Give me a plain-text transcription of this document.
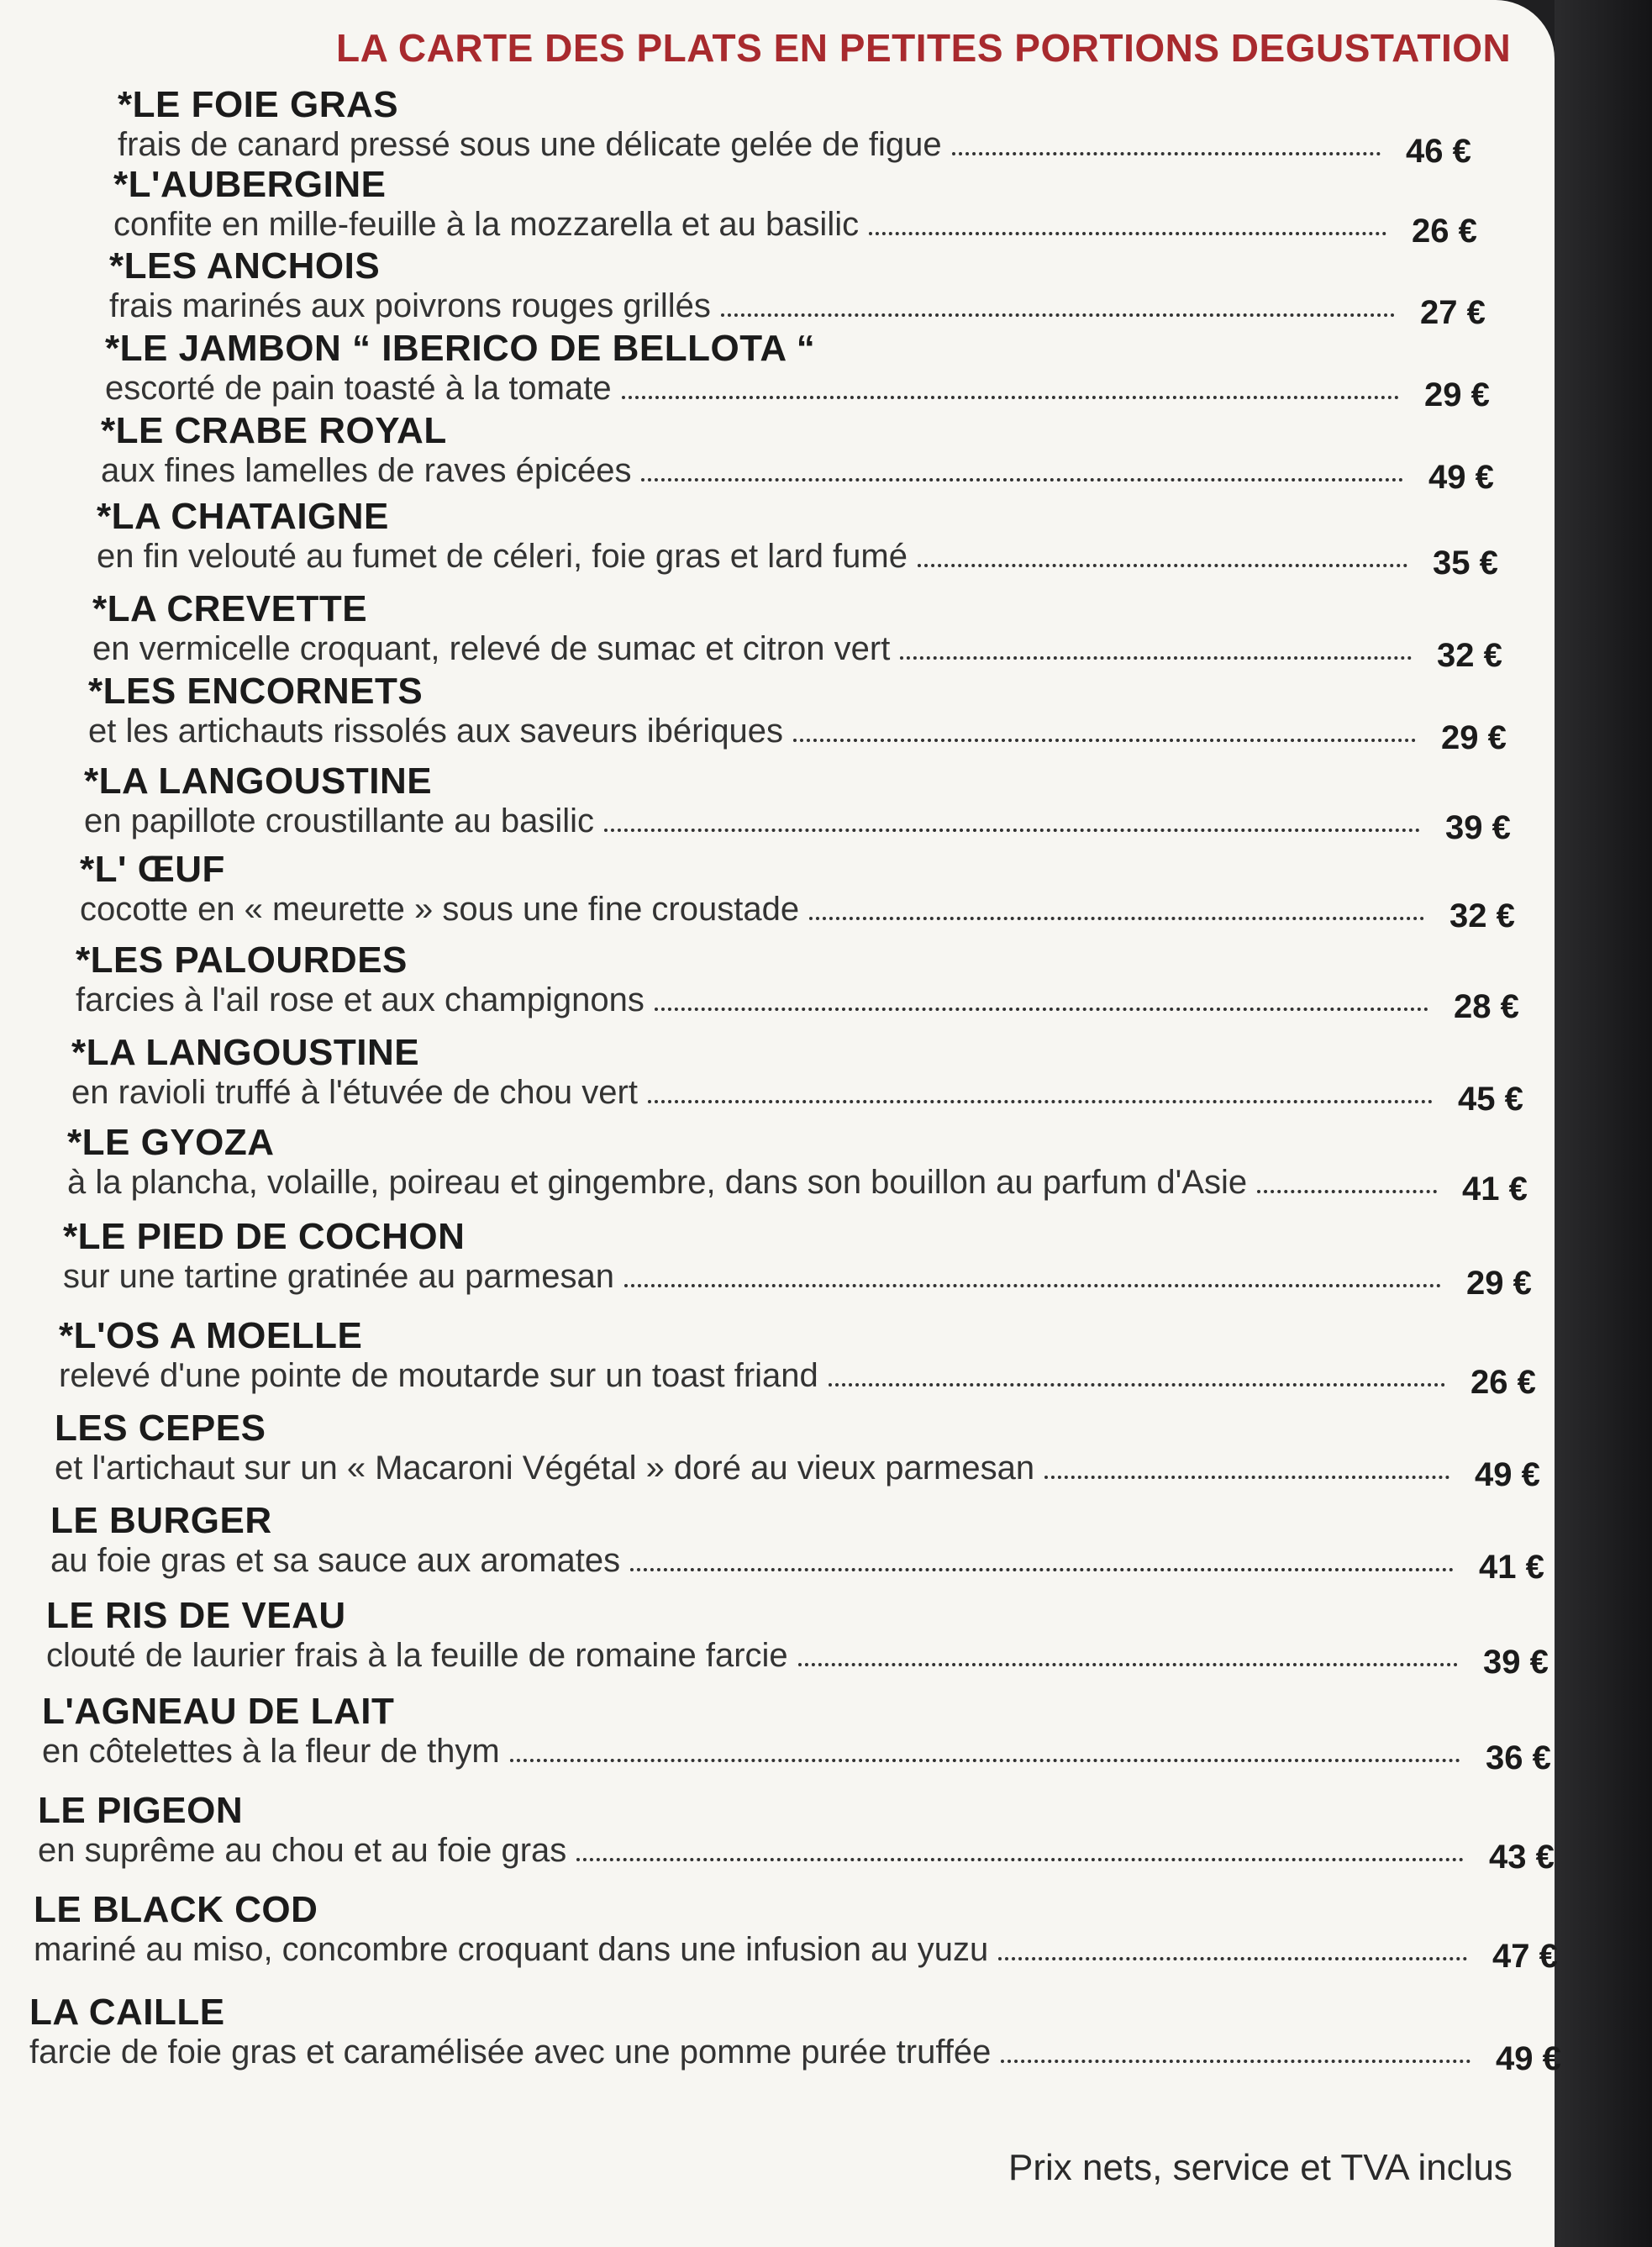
LA CARTE DES PLATS EN PETITES PORTIONS DEGUSTATION
*LE FOIE GRAS
frais de canard pressé sous une délicate gelée de figue	46 €
*L'AUBERGINE
confite en mille-feuille à la mozzarella et au basilic	26 €
*LES ANCHOIS
frais marinés aux poivrons rouges grillés	27 €
*LE JAMBON “ IBERICO DE BELLOTA “
escorté de pain toasté à la tomate	29 €
*LE CRABE ROYAL
aux fines lamelles de raves épicées	49 €
*LA CHATAIGNE
en fin velouté au fumet de céleri, foie gras et lard fumé	35 €
*LA CREVETTE
en vermicelle croquant, relevé de sumac et citron vert	32 €
*LES ENCORNETS
et les artichauts rissolés aux saveurs ibériques	29 €
*LA LANGOUSTINE
en papillote croustillante au basilic	39 €
*L' ŒUF
cocotte en « meurette » sous une fine croustade	32 €
*LES PALOURDES
farcies à l'ail rose et aux champignons	28 €
*LA LANGOUSTINE
en ravioli truffé à l'étuvée de chou vert	45 €
*LE GYOZA
à la plancha, volaille, poireau et gingembre, dans son bouillon au parfum d'Asie	41 €
*LE PIED DE COCHON
sur une tartine gratinée au parmesan	29 €
*L'OS A MOELLE
relevé d'une pointe de moutarde sur un toast friand	26 €
LES CEPES
et l'artichaut sur un « Macaroni Végétal » doré au vieux parmesan	49 €
LE BURGER
au foie gras et sa sauce aux aromates	41 €
LE RIS DE VEAU
clouté de laurier frais à la feuille de romaine farcie	39 €
L'AGNEAU DE LAIT
en côtelettes à la fleur de thym	36 €
LE PIGEON
en suprême au chou et au foie gras	43 €
LE BLACK COD
mariné au miso, concombre croquant dans une infusion au yuzu	47 €
LA CAILLE
farcie de foie gras et caramélisée avec une pomme purée truffée	49 €
Prix nets, service et TVA inclus
